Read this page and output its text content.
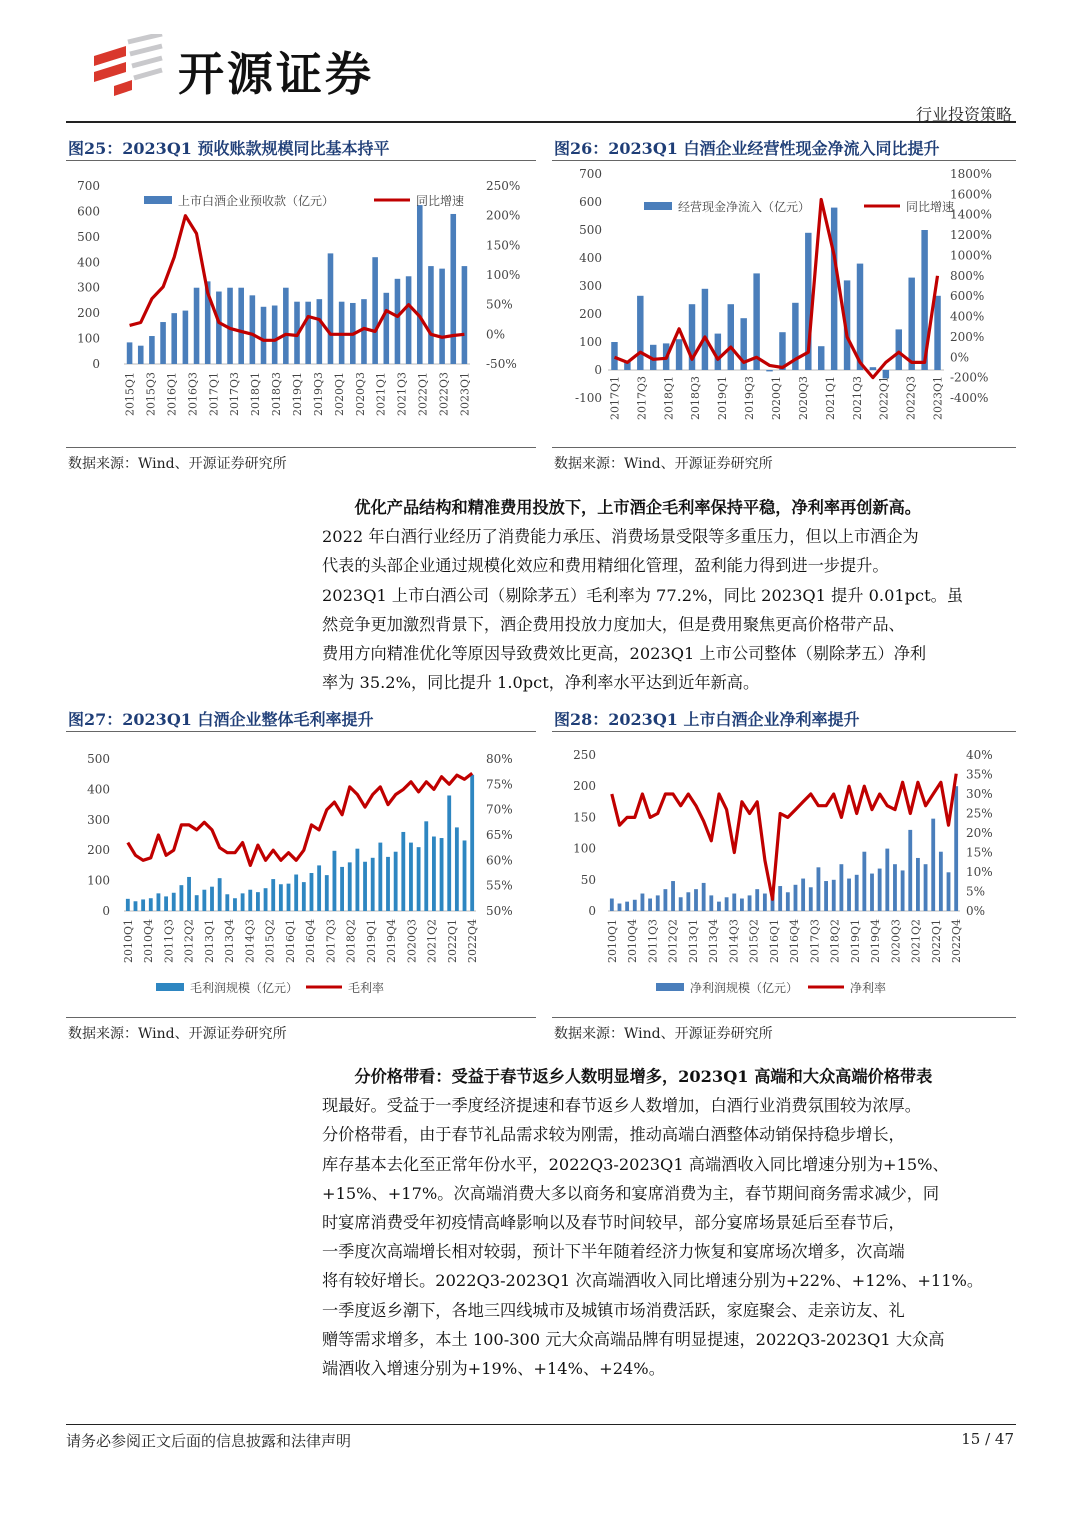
开源证券
行业投资策略
图25：2023Q1 预收账款规模同比基本持平
700
600
500
400
300
200
100
0
250%
200%
150%
100%
50%
0%
-50%
2015Q1 2015Q3 2016Q1 2016Q3 2017Q1 2017Q3 2018Q1 2018Q3 2019Q1 2019Q3 2020Q1 2020Q3 2021Q1 2021Q3 2022Q1 2022Q3 2023Q1
上市白酒企业预收款（亿元）	同比增速
数据来源：Wind、开源证券研究所
图26：2023Q1 白酒企业经营性现金净流入同比提升
700
600
500
400
300
200
100
0
-100
1800%
1600%
1400%
1200%
1000%
800%
600%
400%
200%
0%
-200%
-400%
2017Q1 2017Q3 2018Q1 2018Q3 2019Q1 2019Q3 2020Q1 2020Q3 2021Q1 2021Q3 2022Q1 2022Q3 2023Q1
经营现金净流入（亿元）	同比增速
数据来源：Wind、开源证券研究所
优化产品结构和精准费用投放下，上市酒企毛利率保持平稳，净利率再创新高。
2022 年白酒行业经历了消费能力承压、消费场景受限等多重压力，但以上市酒企为
代表的头部企业通过规模化效应和费用精细化管理，盈利能力得到进一步提升。
2023Q1 上市白酒公司（剔除茅五）毛利率为 77.2%，同比 2023Q1 提升 0.01pct。虽
然竞争更加激烈背景下，酒企费用投放力度加大，但是费用聚焦更高价格带产品、
费用方向精准优化等原因导致费效比更高，2023Q1 上市公司整体（剔除茅五）净利
率为 35.2%，同比提升 1.0pct，净利率水平达到近年新高。
图27：2023Q1 白酒企业整体毛利率提升
500
400
300
200
100
0
80%
75%
70%
65%
60%
55%
50%
2010Q1 2010Q4 2011Q3 2012Q2 2013Q1 2013Q4 2014Q3 2015Q2 2016Q1 2016Q4 2017Q3 2018Q2 2019Q1 2019Q4 2020Q3 2021Q2 2022Q1 2022Q4
毛利润规模（亿元）	毛利率
数据来源：Wind、开源证券研究所
图28：2023Q1 上市白酒企业净利率提升
250
200
150
100
50
0
40%
35%
30%
25%
20%
15%
10%
5%
0%
2010Q1 2010Q4 2011Q3 2012Q2 2013Q1 2013Q4 2014Q3 2015Q2 2016Q1 2016Q4 2017Q3 2018Q2 2019Q1 2019Q4 2020Q3 2021Q2 2022Q1 2022Q4
净利润规模（亿元）	净利率
数据来源：Wind、开源证券研究所
分价格带看：受益于春节返乡人数明显增多，2023Q1 高端和大众高端价格带表
现最好。受益于一季度经济提速和春节返乡人数增加，白酒行业消费氛围较为浓厚。
分价格带看，由于春节礼品需求较为刚需，推动高端白酒整体动销保持稳步增长，
库存基本去化至正常年份水平，2022Q3-2023Q1 高端酒收入同比增速分别为+15%、
+15%、+17%。次高端消费大多以商务和宴席消费为主，春节期间商务需求减少，同
时宴席消费受年初疫情高峰影响以及春节时间较早，部分宴席场景延后至春节后，
一季度次高端增长相对较弱，预计下半年随着经济力恢复和宴席场次增多，次高端
将有较好增长。2022Q3-2023Q1 次高端酒收入同比增速分别为+22%、+12%、+11%。
一季度返乡潮下，各地三四线城市及城镇市场消费活跃，家庭聚会、走亲访友、礼
赠等需求增多，本土 100-300 元大众高端品牌有明显提速，2022Q3-2023Q1 大众高
端酒收入增速分别为+19%、+14%、+24%。
请务必参阅正文后面的信息披露和法律声明	15 / 47
